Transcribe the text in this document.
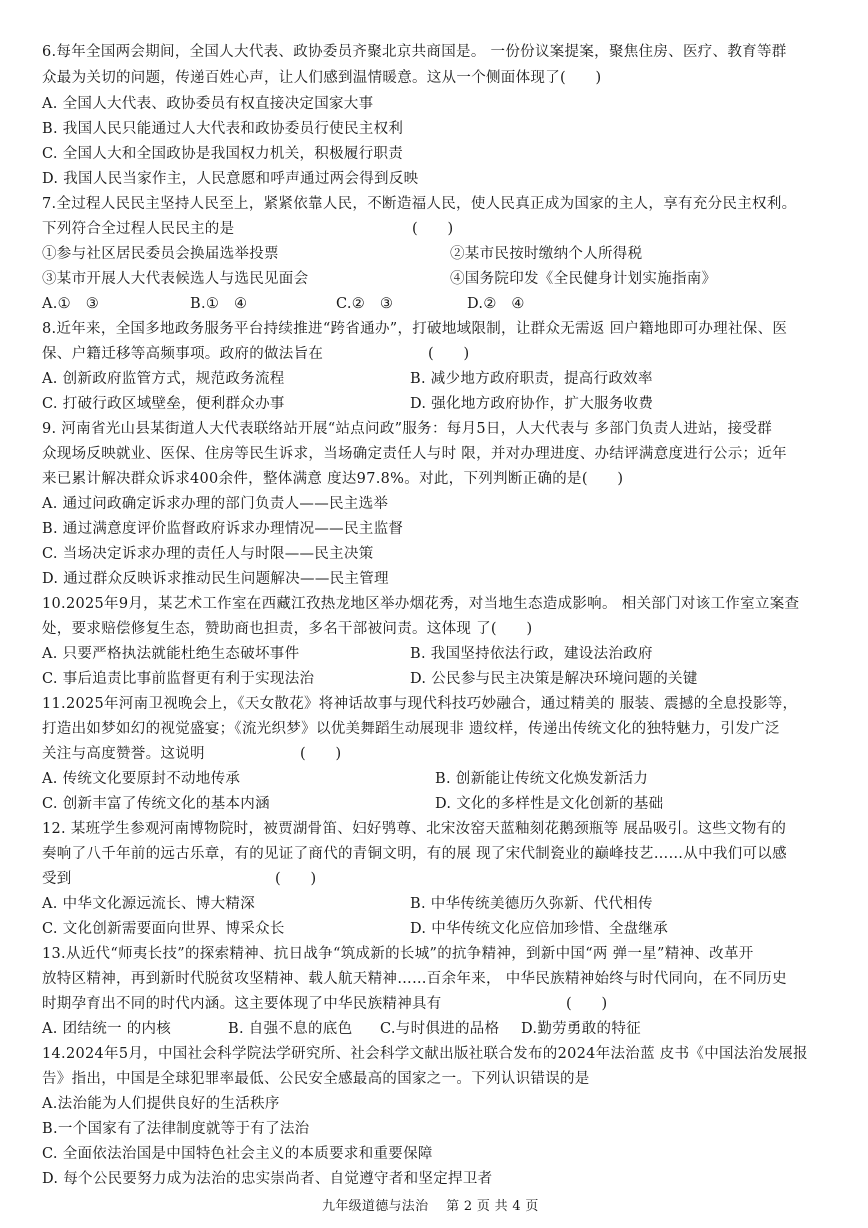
6.每年全国两会期间，全国人大代表、政协委员齐聚北京共商国是。 一份份议案提案，聚焦住房、医疗、教育等群
众最为关切的问题，传递百姓心声，让人们感到温情暖意。这从一个侧面体现了(　　)
A. 全国人大代表、政协委员有权直接决定国家大事
B. 我国人民只能通过人大代表和政协委员行使民主权利
C. 全国人大和全国政协是我国权力机关，积极履行职责
D. 我国人民当家作主，人民意愿和呼声通过两会得到反映
7.全过程人民民主坚持人民至上，紧紧依靠人民，不断造福人民，使人民真正成为国家的主人，享有充分民主权利。
下列符合全过程人民民主的是	(　　)
①参与社区居民委员会换届选举投票	②某市民按时缴纳个人所得税
③某市开展人大代表候选人与选民见面会	④国务院印发《全民健身计划实施指南》
A.①　③	B.①　④	C.②　③	D.②　④
8.近年来，全国多地政务服务平台持续推进“跨省通办”，打破地域限制，让群众无需返 回户籍地即可办理社保、医
保、户籍迁移等高频事项。政府的做法旨在	(　　)
A. 创新政府监管方式，规范政务流程	B. 减少地方政府职责，提高行政效率
C. 打破行政区域壁垒，便利群众办事	D. 强化地方政府协作，扩大服务收费
9. 河南省光山县某街道人大代表联络站开展“站点问政”服务：每月5日，人大代表与 多部门负责人进站，接受群
众现场反映就业、医保、住房等民生诉求，当场确定责任人与时 限，并对办理进度、办结评满意度进行公示；近年
来已累计解决群众诉求400余件，整体满意 度达97.8%。对此，下列判断正确的是(　　)
A. 通过问政确定诉求办理的部门负责人——民主选举
B. 通过满意度评价监督政府诉求办理情况——民主监督
C. 当场决定诉求办理的责任人与时限——民主决策
D. 通过群众反映诉求推动民生问题解决——民主管理
10.2025年9月，某艺术工作室在西藏江孜热龙地区举办烟花秀，对当地生态造成影响。 相关部门对该工作室立案查
处，要求赔偿修复生态，赞助商也担责，多名干部被问责。这体现 了(　　)
A. 只要严格执法就能杜绝生态破坏事件	B. 我国坚持依法行政，建设法治政府
C. 事后追责比事前监督更有利于实现法治	D. 公民参与民主决策是解决环境问题的关键
11.2025年河南卫视晚会上，《天女散花》将神话故事与现代科技巧妙融合，通过精美的 服装、震撼的全息投影等，
打造出如梦如幻的视觉盛宴；《流光织梦》以优美舞蹈生动展现非 遗纹样，传递出传统文化的独特魅力，引发广泛
关注与高度赞誉。这说明	(　　)
A. 传统文化要原封不动地传承	B. 创新能让传统文化焕发新活力
C. 创新丰富了传统文化的基本内涵	D. 文化的多样性是文化创新的基础
12. 某班学生参观河南博物院时，被贾湖骨笛、妇好鸮尊、北宋汝窑天蓝釉刻花鹅颈瓶等 展品吸引。这些文物有的
奏响了八千年前的远古乐章，有的见证了商代的青铜文明，有的展 现了宋代制瓷业的巅峰技艺……从中我们可以感
受到	(　　)
A. 中华文化源远流长、博大精深	B. 中华传统美德历久弥新、代代相传
C. 文化创新需要面向世界、博采众长	D. 中华传统文化应倍加珍惜、全盘继承
13.从近代“师夷长技”的探索精神、抗日战争“筑成新的长城”的抗争精神，到新中国“两 弹一星”精神、改革开
放特区精神，再到新时代脱贫攻坚精神、载人航天精神……百余年来， 中华民族精神始终与时代同向，在不同历史
时期孕育出不同的时代内涵。这主要体现了中华民族精神具有	(　　)
A. 团结统一 的内核	B. 自强不息的底色 C.与时俱进的品格 D.勤劳勇敢的特征
14.2024年5月，中国社会科学院法学研究所、社会科学文献出版社联合发布的2024年法治蓝 皮书《中国法治发展报
告》指出，中国是全球犯罪率最低、公民安全感最高的国家之一。下列认识错误的是
A.法治能为人们提供良好的生活秩序
B.一个国家有了法律制度就等于有了法治
C. 全面依法治国是中国特色社会主义的本质要求和重要保障
D. 每个公民要努力成为法治的忠实崇尚者、自觉遵守者和坚定捍卫者
九年级道德与法治　 第 2 页 共 4 页
